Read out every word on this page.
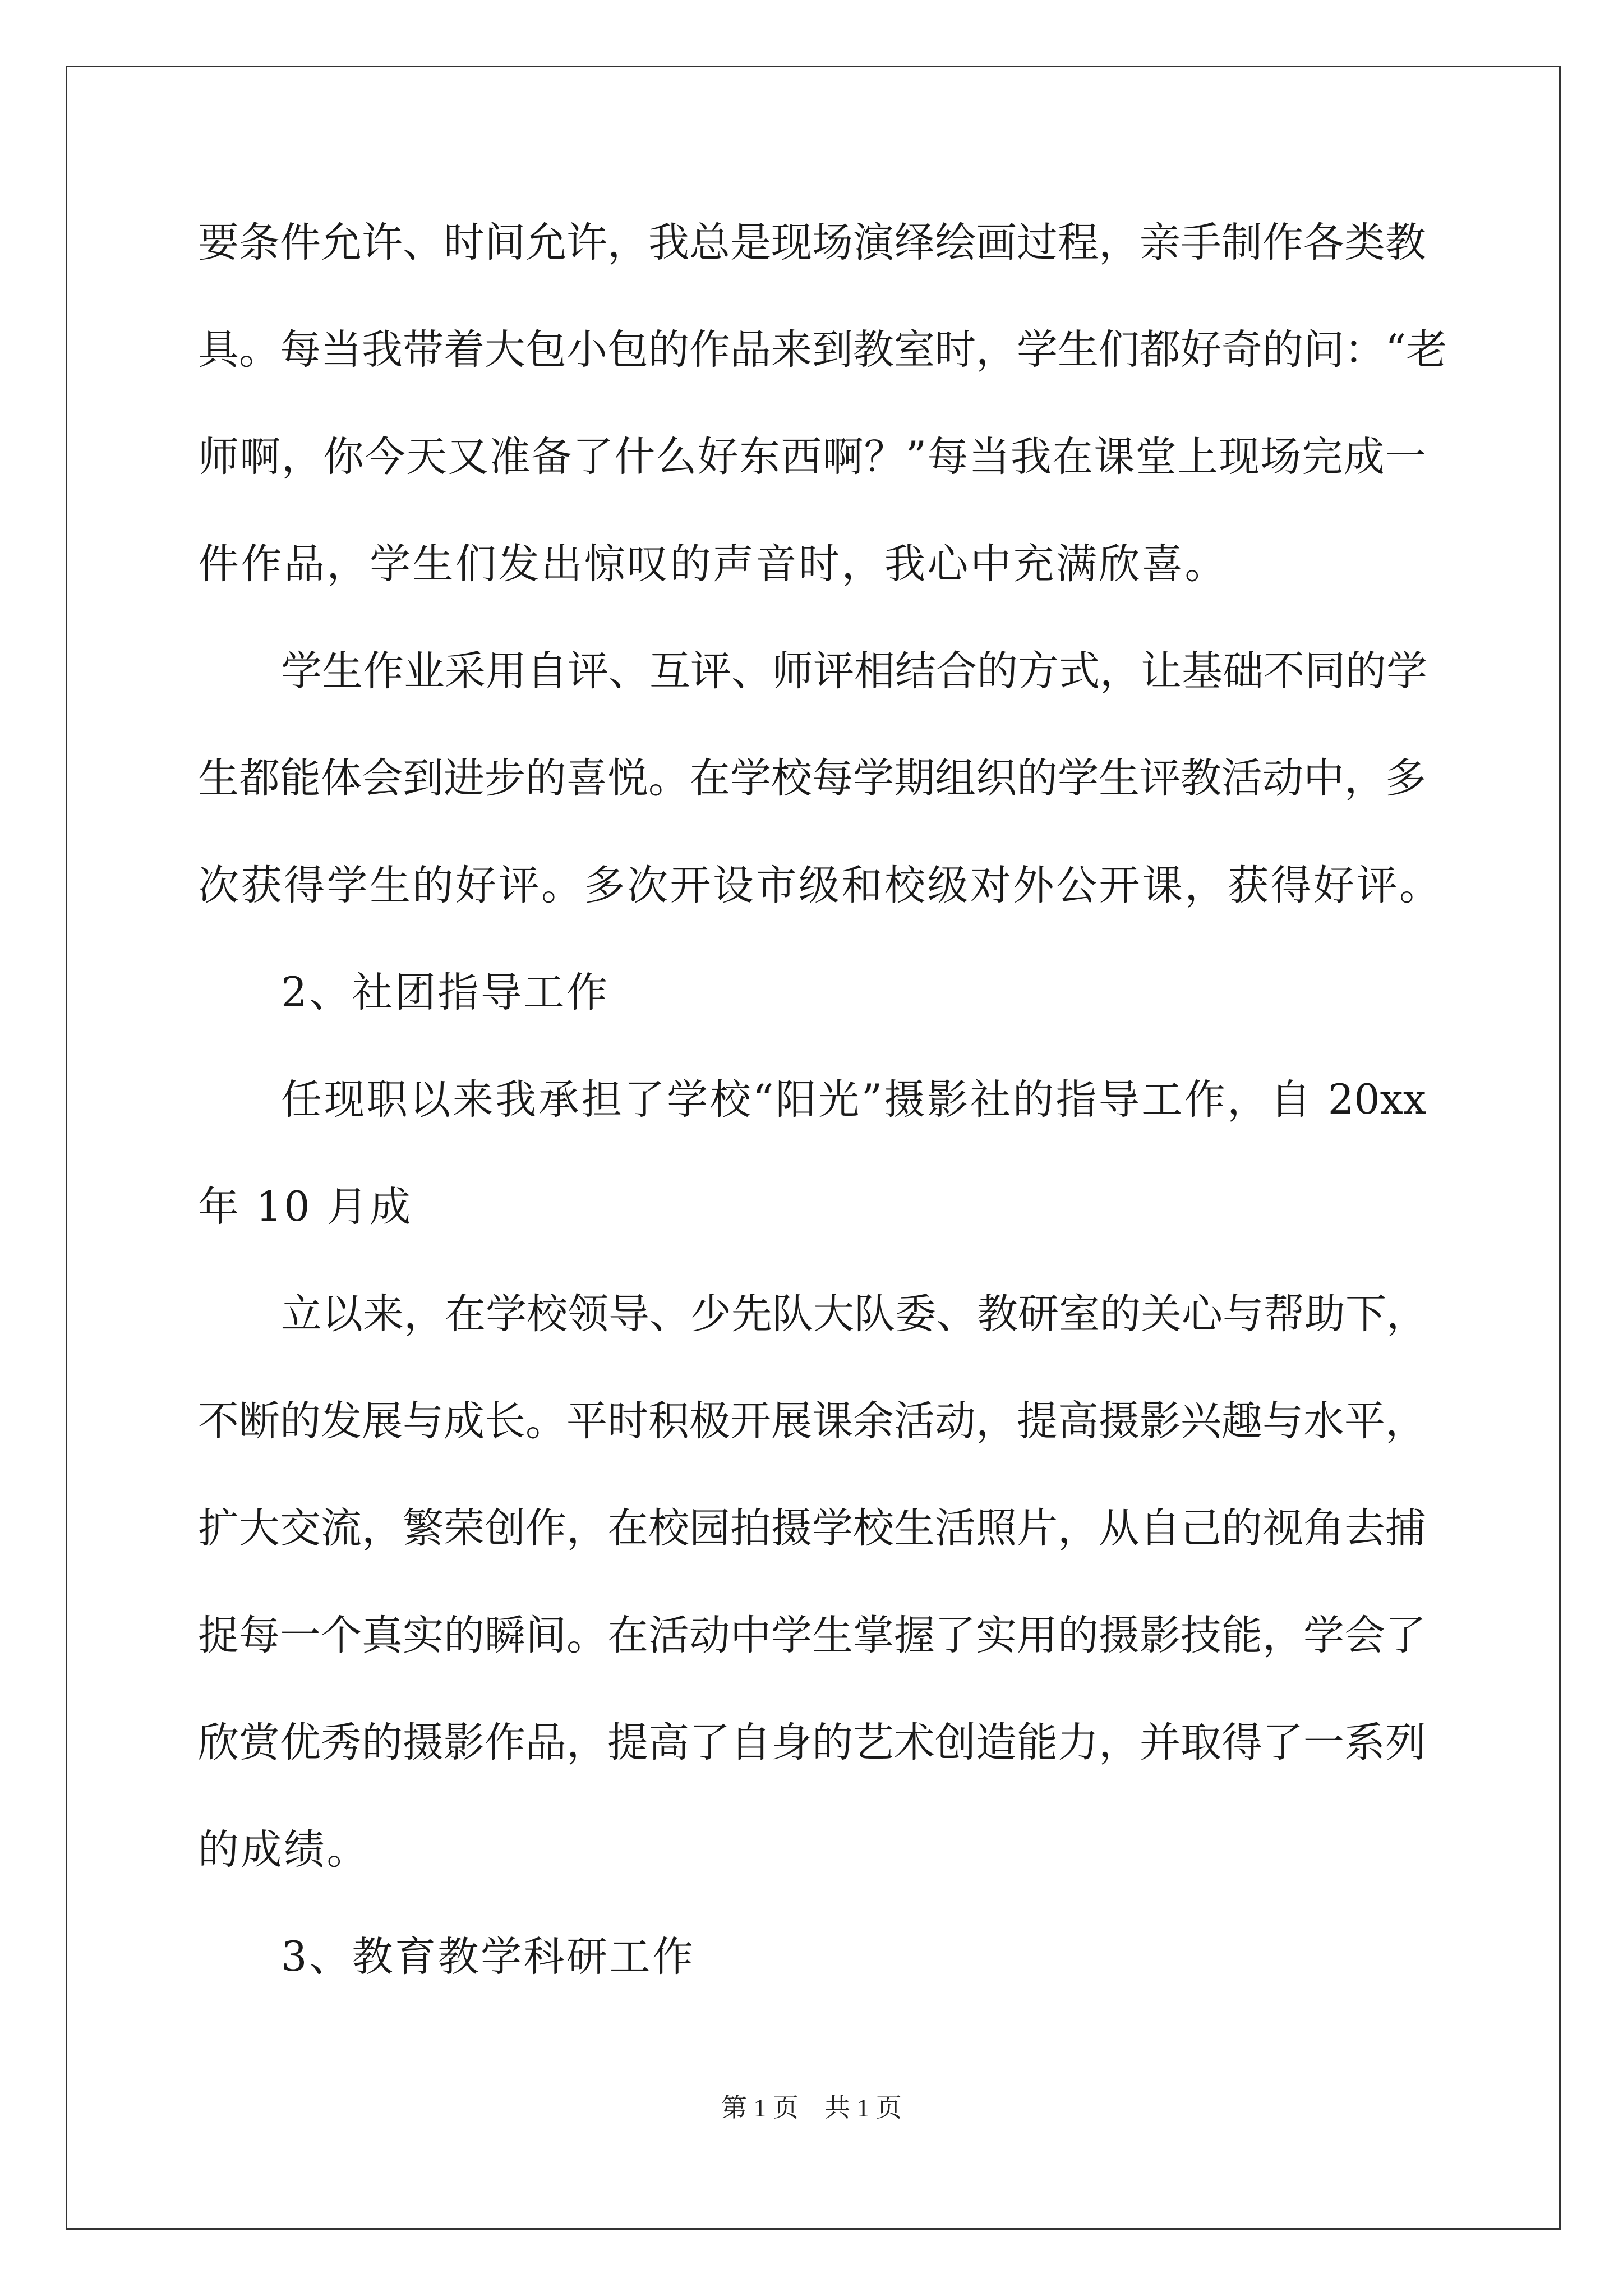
要条件允许、时间允许，我总是现场演绎绘画过程，亲手制作各类教
具。每当我带着大包小包的作品来到教室时，学生们都好奇的问：“老
师啊，你今天又准备了什么好东西啊？”每当我在课堂上现场完成一
件作品，学生们发出惊叹的声音时，我心中充满欣喜。
学生作业采用自评、互评、师评相结合的方式，让基础不同的学
生都能体会到进步的喜悦。在学校每学期组织的学生评教活动中，多
次获得学生的好评。多次开设市级和校级对外公开课，获得好评。
2、社团指导工作
任现职以来我承担了学校“阳光”摄影社的指导工作，自 20xx
年 10 月成
立以来，在学校领导、少先队大队委、教研室的关心与帮助下，
不断的发展与成长。平时积极开展课余活动，提高摄影兴趣与水平，
扩大交流，繁荣创作，在校园拍摄学校生活照片，从自己的视角去捕
捉每一个真实的瞬间。在活动中学生掌握了实用的摄影技能，学会了
欣赏优秀的摄影作品，提高了自身的艺术创造能力，并取得了一系列
的成绩。
3、教育教学科研工作
第 1 页　共 1 页
